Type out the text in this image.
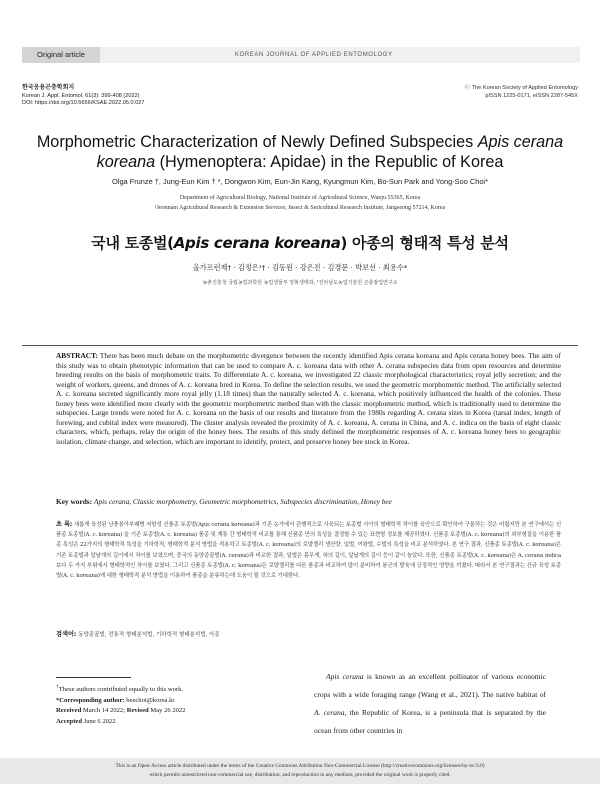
Original article	KOREAN JOURNAL OF APPLIED ENTOMOLOGY
한국응용곤충학회지
Korean J. Appl. Entomol. 61(3): 399-408 (2022)
DOI: https://doi.org/10.5656/KSAE.2022.05.0.027
ⓒ The Korean Society of Applied Entomology
pISSN 1225-0171, eISSN 2287-545X
Morphometric Characterization of Newly Defined Subspecies Apis cerana koreana (Hymenoptera: Apidae) in the Republic of Korea
Olga Frunze †, Jung-Eun Kim † *, Dongwon Kim, Eun-Jin Kang, Kyungmun Kim, Bo-Sun Park and Yong-Soo Choi*
Department of Agricultural Biology, National Institute of Agricultural Science, Wanju 55365, Korea
¹Jeonnam Agricultural Research & Extension Services, Insect & Sericultural Research Institute, Jangseong 57214, Korea
국내 토종벌(Apis cerana koreana) 아종의 형태적 특성 분석
올가프런제† · 김정은¹† · 김동원 · 강은진 · 김경문 · 박보선 · 최용수*
농촌진흥청 국립농업과학원 농업생물부 양봉생태과, ¹전라남도농업기술원 곤충잠업연구소
ABSTRACT: There has been much debate on the morphometric divergence between the recently identified Apis cerana koreana and Apis cerana honey bees. The aim of this study was to obtain phenotypic information that can be used to compare A. c. koreana data with other A. cerana subspecies data from open resources and determine breeding results on the basis of morphometric traits. To differentiate A. c. koreana, we investigated 22 classic morphological characteristics; royal jelly secretion; and the weight of workers, queens, and drones of A. c. koreana bred in Korea. To define the selection results, we used the geometric morphometric method. The artificially selected A. c. koreana secreted significantly more royal jelly (1.18 times) than the naturally selected A. c. koreana, which positively influenced the health of the colonies. These honey bees were identified more clearly with the geometric morphometric method than with the classic morphometric method, which is traditionally used to determine the subspecies. Large trends were noted for A. c. koreana on the basis of our results and literature from the 1980s regarding A. cerana sizes in Korea (tarsal index, length of forewing, and cubital index were measured). The cluster analysis revealed the proximity of A. c. koreana, A. cerana in China, and A. c. indica on the basis of eight classic characters, which, perhaps, relay the origin of the honey bees. The results of this study defined the morphometric responses of A. c. koreana honey bees to geographic isolation, climate change, and selection, which are important to identify, protect, and preserve honey bee stock in Korea.
Key words: Apis cerana, Classic morphometry, Geometric morphometrics, Subspecies discrimination, Honey bee
초 록: 새롭게 육성된 낭충봉아부패병 저항성 신품종 토종벌(Apis cerana koreana)과 기존 농가에서 관행적으로 사육되는 토종벌 사이의 형태학적 차이를 육안으로 확인하여 구분하는 것은 어렵지만 본 연구에서는 신품종 토종벌(A. c. koreana) 을 기존 토종벌(A. c. koreana) 품종 및 계통 간 형태학적 비교를 통해 신품종 만의 특성을 결정할 수 있는 표현형 정보를 제공하였다. 신품종 토종벌(A. c. koreana)의 외부형질을 이용한 품종 특성은 22가지의 형태학적 특성을 기하학적, 형태학적 분석 방법을 적용하고 토종벌(A. c. koreana)의 로얄젤리 생산량, 일벌, 여왕벌, 수벌의 특성을 비교 분석하였다. 본 연구 결과, 신품종 토종벌(A. c. koreana)은 기존 토종벌과 앞날개의 길이에서 차이를 보였으며, 중국의 동양종꿀벌(A. cerana)과 비교한 결과, 일벌은 몸무게, 혀의 길이, 앞날개의 길이 등이 같이 높았다. 또한, 신품종 토종벌(A. c. koreana)은 A. cerana indica 보다 두 가지 부위에서 형태학적인 차이를 보였다. 그리고 신품종 토종벌(A. c. koreana)은 로얄젤리를 다른 품종과 비교하여 많이 분비하여 봉군의 발육에 긍정적인 영향을 끼쳤다. 따라서 본 연구결과는 신규 육성 토종벌(A. c. koreana)에 대한 형태학적 분석 방법을 이용하여 품종을 분류하는데 도움이 될 것으로 기대한다.
검색어: 동양종꿀벌, 전통적 형태분석법, 기하학적 형태분석법, 아종
†These authors contributed equally to this work.
*Corresponding author: beechoi@korea.kr
Received March 14 2022; Revised May 26 2022
Accepted June 6 2022
Apis cerana is known as an excellent pollinator of various economic crops with a wide foraging range (Wang et al., 2021). The native habitat of A. cerana, the Republic of Korea, is a peninsula that is separated by the ocean from other countries in
This is an Open-Access article distributed under the terms of the Creative Commons Attribution Non-Commercial License (http://creativecommons.org/licenses/by-nc/3.0)
which permits unrestricted non-commercial use, distribution, and reproduction in any medium, provided the original work is properly cited.
